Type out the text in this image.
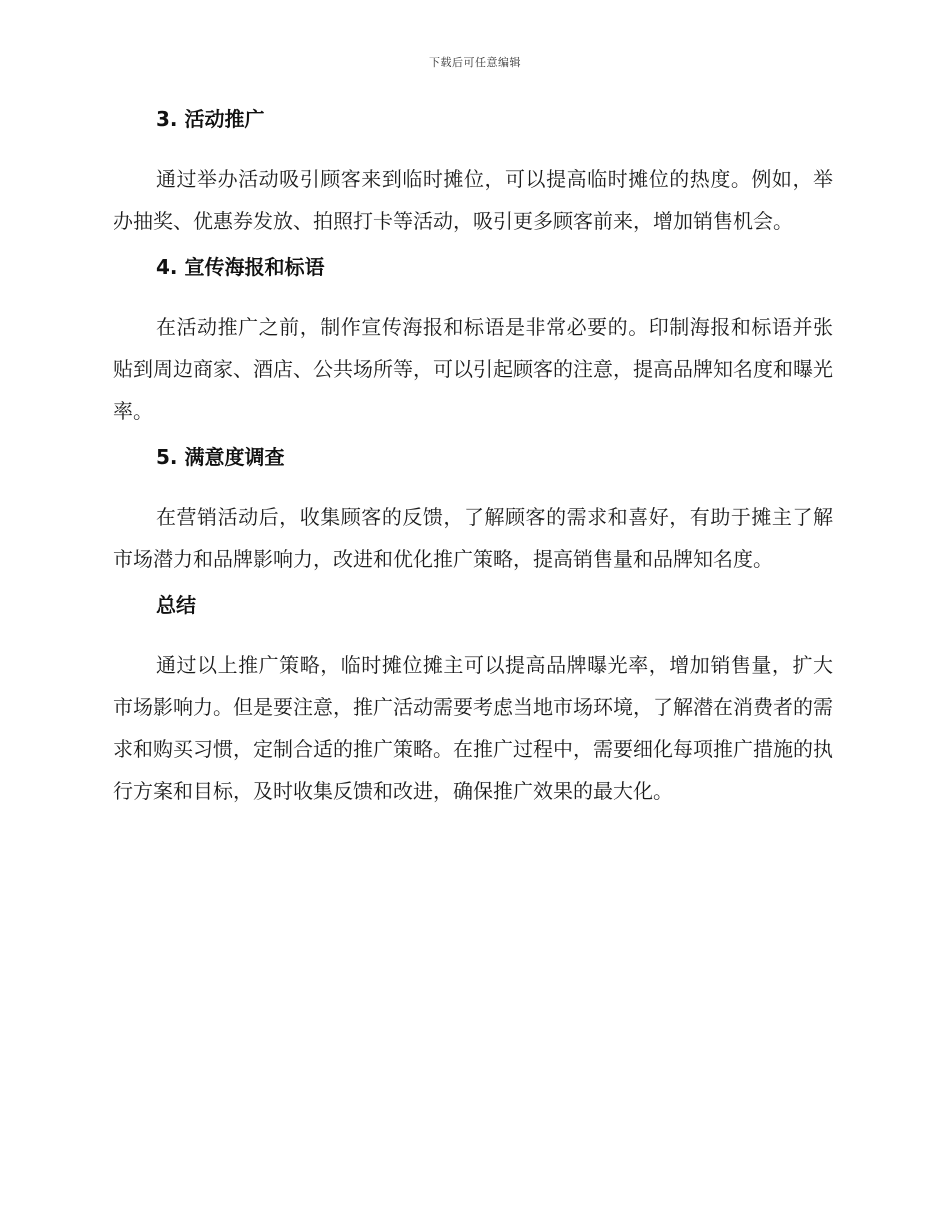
下载后可任意编辑
3. 活动推广

通过举办活动吸引顾客来到临时摊位，可以提高临时摊位的热度。例如，举办抽奖、优惠券发放、拍照打卡等活动，吸引更多顾客前来，增加销售机会。

4. 宣传海报和标语

在活动推广之前，制作宣传海报和标语是非常必要的。印制海报和标语并张贴到周边商家、酒店、公共场所等，可以引起顾客的注意，提高品牌知名度和曝光率。

5. 满意度调查

在营销活动后，收集顾客的反馈，了解顾客的需求和喜好，有助于摊主了解市场潜力和品牌影响力，改进和优化推广策略，提高销售量和品牌知名度。

总结

通过以上推广策略，临时摊位摊主可以提高品牌曝光率，增加销售量，扩大市场影响力。但是要注意，推广活动需要考虑当地市场环境，了解潜在消费者的需求和购买习惯，定制合适的推广策略。在推广过程中，需要细化每项推广措施的执行方案和目标，及时收集反馈和改进，确保推广效果的最大化。
